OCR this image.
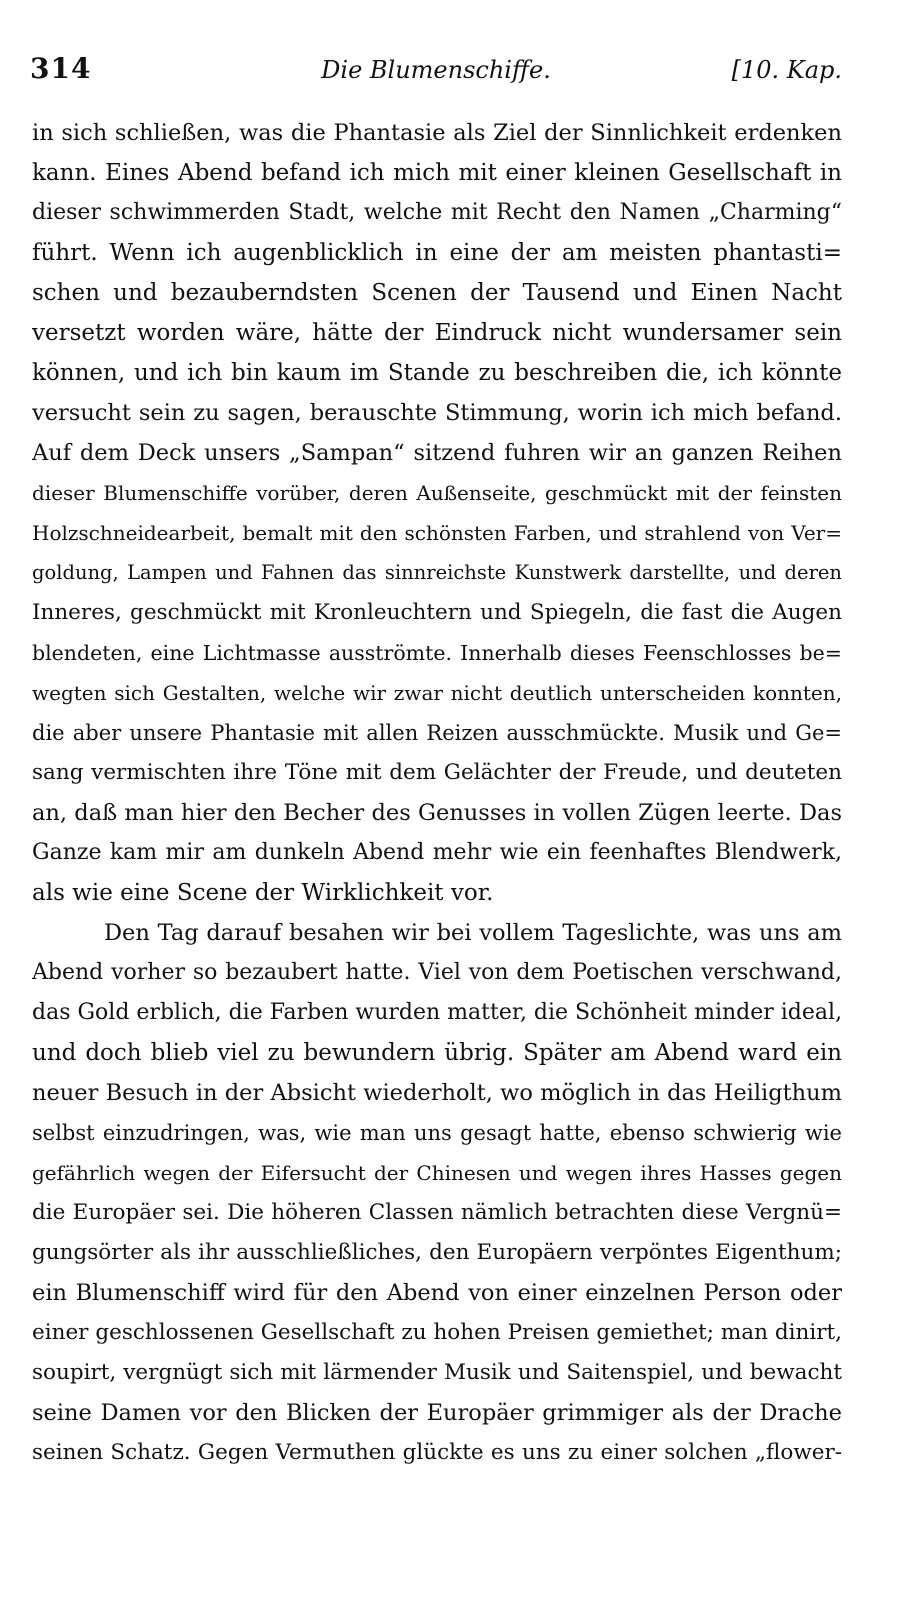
314	Die Blumenschiffe.	[10. Kap.
in sich schließen, was die Phantasie als Ziel der Sinnlichkeit erdenken
kann. Eines Abend befand ich mich mit einer kleinen Gesellschaft in
dieser schwimmerden Stadt, welche mit Recht den Namen „Charming“
führt. Wenn ich augenblicklich in eine der am meisten phantasti=
schen und bezauberndsten Scenen der Tausend und Einen Nacht
versetzt worden wäre, hätte der Eindruck nicht wundersamer sein
können, und ich bin kaum im Stande zu beschreiben die, ich könnte
versucht sein zu sagen, berauschte Stimmung, worin ich mich befand.
Auf dem Deck unsers „Sampan“ sitzend fuhren wir an ganzen Reihen
dieser Blumenschiffe vorüber, deren Außenseite, geschmückt mit der feinsten
Holzschneidearbeit, bemalt mit den schönsten Farben, und strahlend von Ver=
goldung, Lampen und Fahnen das sinnreichste Kunstwerk darstellte, und deren
Inneres, geschmückt mit Kronleuchtern und Spiegeln, die fast die Augen
blendeten, eine Lichtmasse ausströmte. Innerhalb dieses Feenschlosses be=
wegten sich Gestalten, welche wir zwar nicht deutlich unterscheiden konnten,
die aber unsere Phantasie mit allen Reizen ausschmückte. Musik und Ge=
sang vermischten ihre Töne mit dem Gelächter der Freude, und deuteten
an, daß man hier den Becher des Genusses in vollen Zügen leerte. Das
Ganze kam mir am dunkeln Abend mehr wie ein feenhaftes Blendwerk,
als wie eine Scene der Wirklichkeit vor.
Den Tag darauf besahen wir bei vollem Tageslichte, was uns am
Abend vorher so bezaubert hatte. Viel von dem Poetischen verschwand,
das Gold erblich, die Farben wurden matter, die Schönheit minder ideal,
und doch blieb viel zu bewundern übrig. Später am Abend ward ein
neuer Besuch in der Absicht wiederholt, wo möglich in das Heiligthum
selbst einzudringen, was, wie man uns gesagt hatte, ebenso schwierig wie
gefährlich wegen der Eifersucht der Chinesen und wegen ihres Hasses gegen
die Europäer sei. Die höheren Classen nämlich betrachten diese Vergnü=
gungsörter als ihr ausschließliches, den Europäern verpöntes Eigenthum;
ein Blumenschiff wird für den Abend von einer einzelnen Person oder
einer geschlossenen Gesellschaft zu hohen Preisen gemiethet; man dinirt,
soupirt, vergnügt sich mit lärmender Musik und Saitenspiel, und bewacht
seine Damen vor den Blicken der Europäer grimmiger als der Drache
seinen Schatz. Gegen Vermuthen glückte es uns zu einer solchen „flower-
